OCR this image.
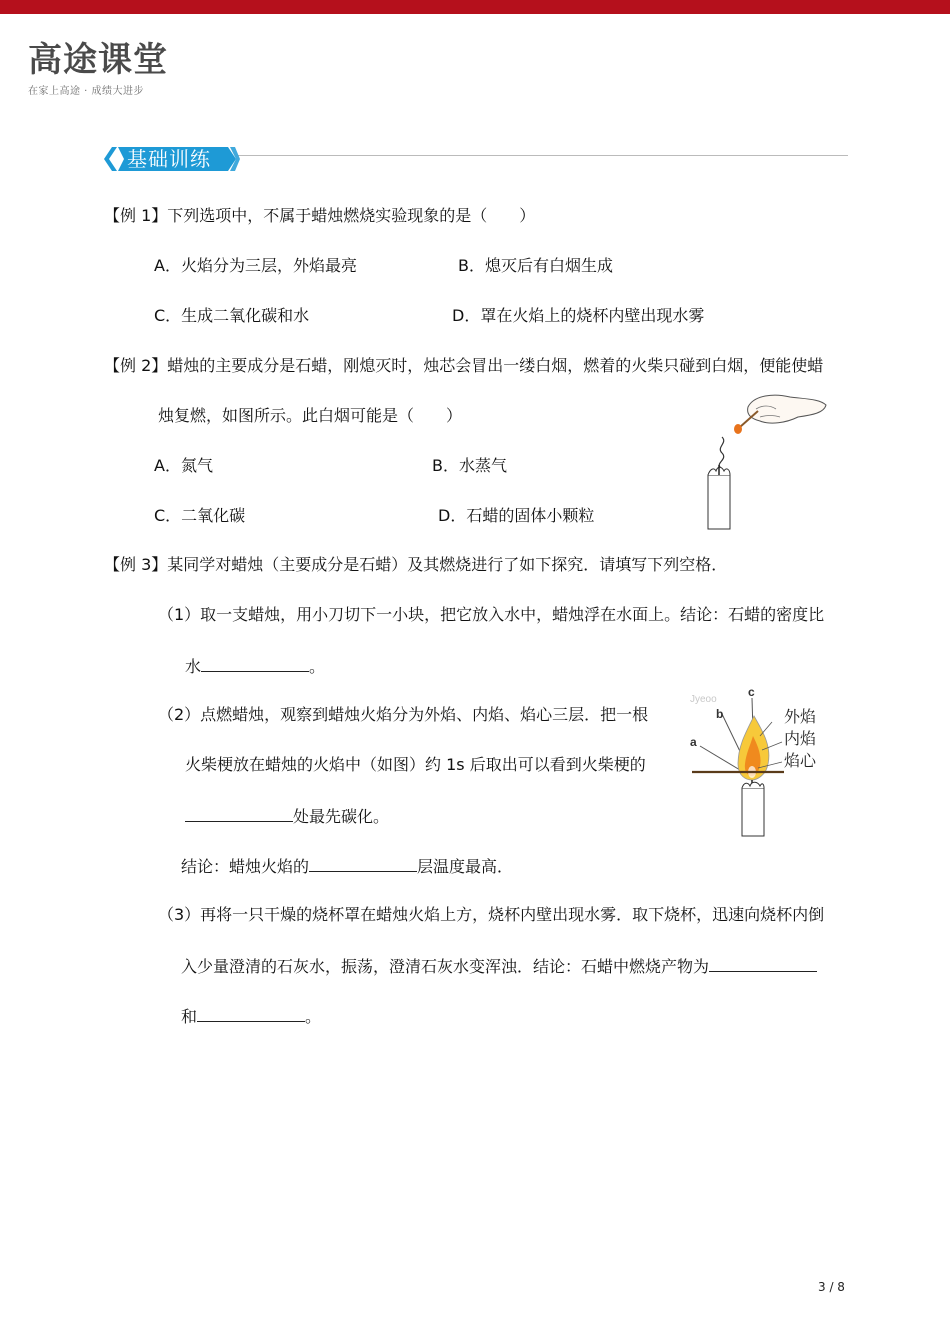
高途课堂
在家上高途 · 成绩大进步
基础训练
【例 1】下列选项中，不属于蜡烛燃烧实验现象的是（　　）
A．火焰分为三层，外焰最亮	B．熄灭后有白烟生成
C．生成二氧化碳和水	D．罩在火焰上的烧杯内壁出现水雾
【例 2】蜡烛的主要成分是石蜡，刚熄灭时，烛芯会冒出一缕白烟，燃着的火柴只碰到白烟，便能使蜡
烛复燃，如图所示。此白烟可能是（　　）
A．氮气	B．水蒸气
C．二氧化碳	D．石蜡的固体小颗粒
【例 3】某同学对蜡烛（主要成分是石蜡）及其燃烧进行了如下探究．请填写下列空格．
（1）取一支蜡烛，用小刀切下一小块，把它放入水中，蜡烛浮在水面上。结论：石蜡的密度比
水	。
（2）点燃蜡烛，观察到蜡烛火焰分为外焰、内焰、焰心三层．把一根
火柴梗放在蜡烛的火焰中（如图）约 1s 后取出可以看到火柴梗的
处最先碳化。
结论：蜡烛火焰的	层温度最高．
Jyeoo
a
b
c
外焰
内焰
焰心
（3）再将一只干燥的烧杯罩在蜡烛火焰上方，烧杯内壁出现水雾．取下烧杯，迅速向烧杯内倒
入少量澄清的石灰水，振荡，澄清石灰水变浑浊．结论：石蜡中燃烧产物为
和	。
3 / 8
